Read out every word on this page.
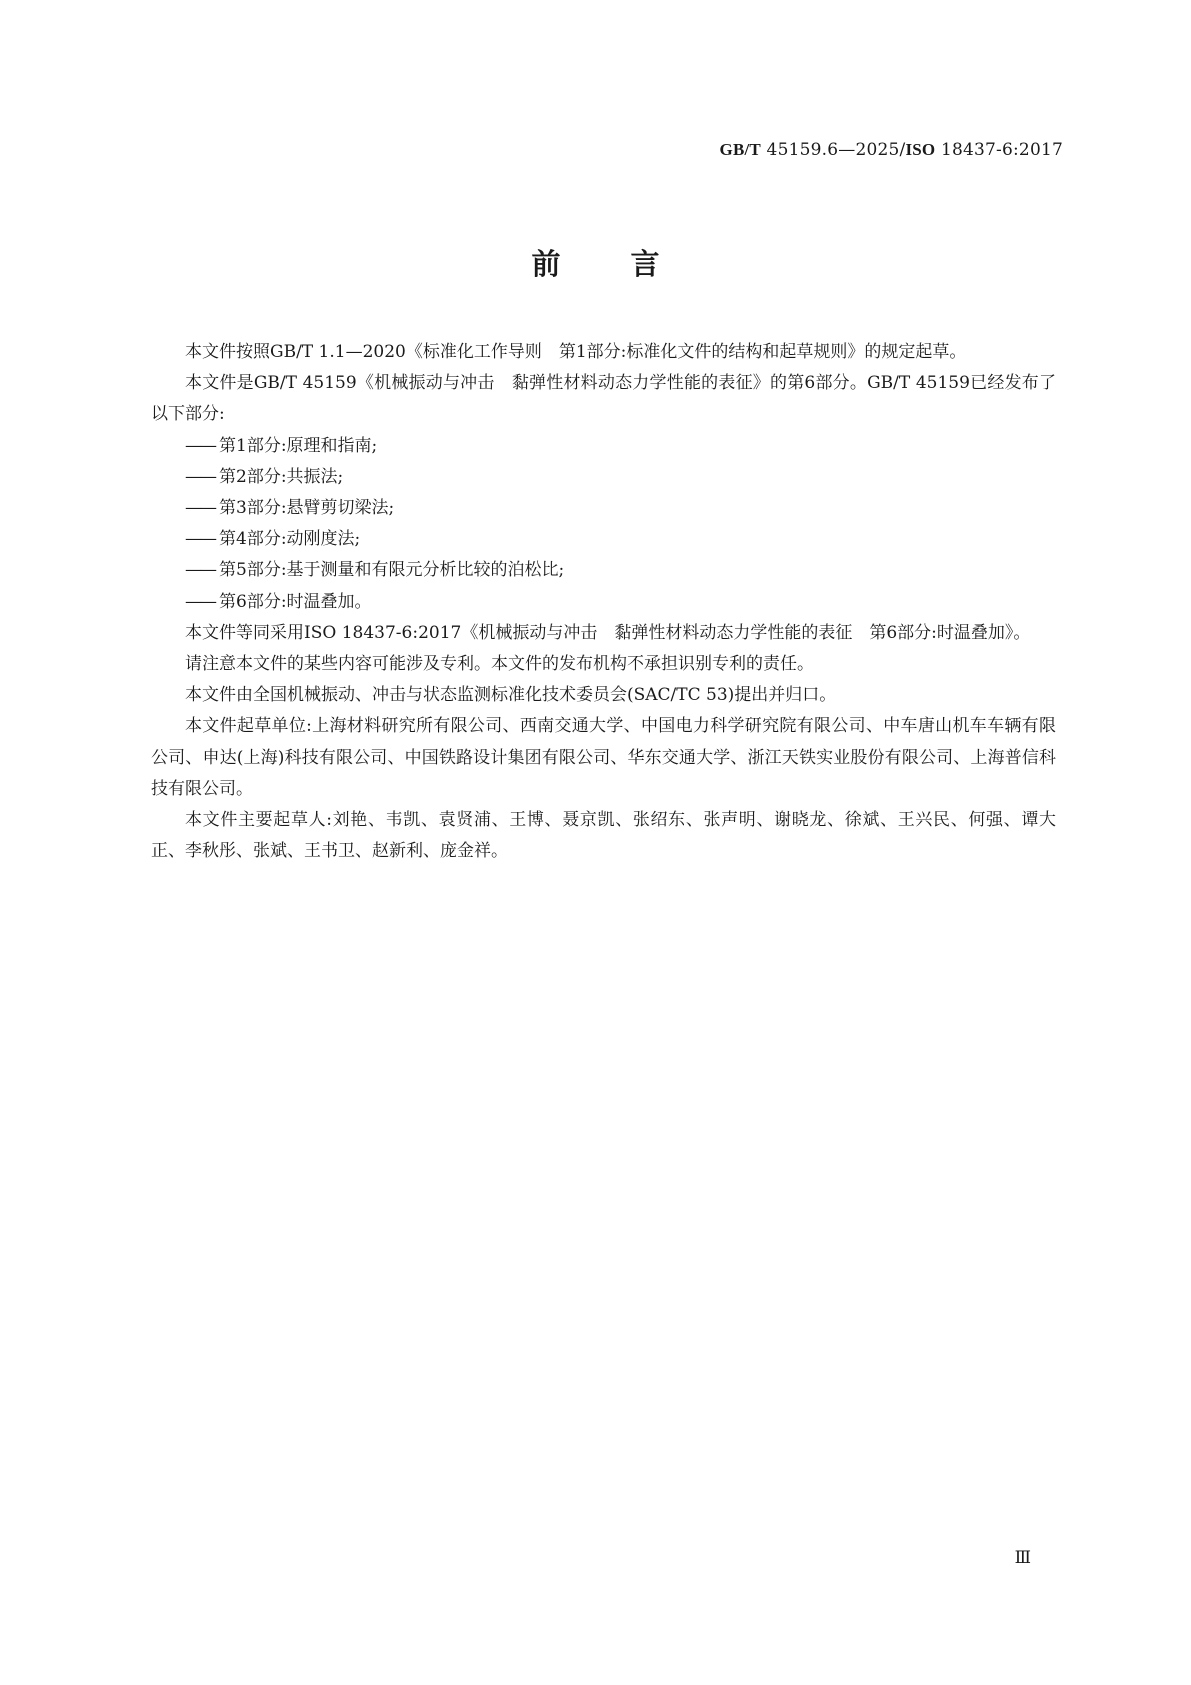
GB/T 45159.6—2025/ISO 18437-6:2017
前言

本文件按照GB/T 1.1—2020《标准化工作导则　第1部分:标准化文件的结构和起草规则》的规定起草。

本文件是GB/T 45159《机械振动与冲击　黏弹性材料动态力学性能的表征》的第6部分。GB/T 45159已经发布了以下部分:

—— 第1部分:原理和指南;
—— 第2部分:共振法;
—— 第3部分:悬臂剪切梁法;
—— 第4部分:动刚度法;
—— 第5部分:基于测量和有限元分析比较的泊松比;
—— 第6部分:时温叠加。

本文件等同采用ISO 18437-6:2017《机械振动与冲击　黏弹性材料动态力学性能的表征　第6部分:时温叠加》。

请注意本文件的某些内容可能涉及专利。本文件的发布机构不承担识别专利的责任。

本文件由全国机械振动、冲击与状态监测标准化技术委员会(SAC/TC 53)提出并归口。

本文件起草单位:上海材料研究所有限公司、西南交通大学、中国电力科学研究院有限公司、中车唐山机车车辆有限公司、申达(上海)科技有限公司、中国铁路设计集团有限公司、华东交通大学、浙江天铁实业股份有限公司、上海普信科技有限公司。

本文件主要起草人:刘艳、韦凯、袁贤浦、王博、聂京凯、张绍东、张声明、谢晓龙、徐斌、王兴民、何强、谭大正、李秋彤、张斌、王书卫、赵新利、庞金祥。

Ⅲ
